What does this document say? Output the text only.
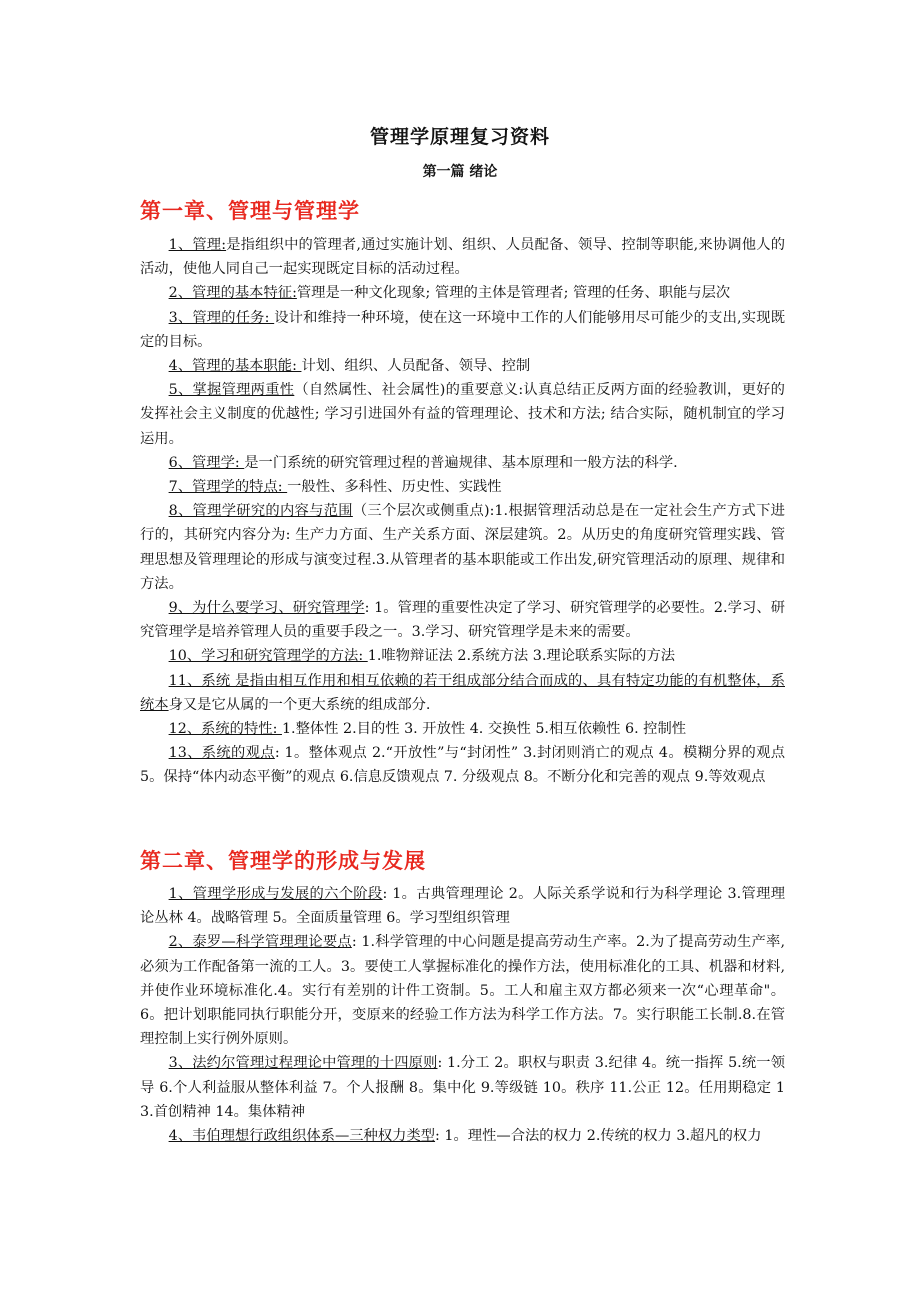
管理学原理复习资料
第一篇 绪论
第一章、管理与管理学

1、管理:是指组织中的管理者,通过实施计划、组织、人员配备、领导、控制等职能,来协调他人的活动，使他人同自己一起实现既定目标的活动过程。

2、管理的基本特征:管理是一种文化现象; 管理的主体是管理者; 管理的任务、职能与层次

3、管理的任务: 设计和维持一种环境，使在这一环境中工作的人们能够用尽可能少的支出,实现既定的目标。

4、管理的基本职能: 计划、组织、人员配备、领导、控制

5、掌握管理两重性（自然属性、社会属性)的重要意义:认真总结正反两方面的经验教训，更好的发挥社会主义制度的优越性; 学习引进国外有益的管理理论、技术和方法; 结合实际，随机制宜的学习运用。

6、管理学: 是一门系统的研究管理过程的普遍规律、基本原理和一般方法的科学.

7、管理学的特点: 一般性、多科性、历史性、实践性

8、管理学研究的内容与范围（三个层次或侧重点):1.根据管理活动总是在一定社会生产方式下进行的，其研究内容分为: 生产力方面、生产关系方面、深层建筑。2。从历史的角度研究管理实践、管理思想及管理理论的形成与演变过程.3.从管理者的基本职能或工作出发,研究管理活动的原理、规律和方法。

9、为什么要学习、研究管理学: 1。管理的重要性决定了学习、研究管理学的必要性。2.学习、研究管理学是培养管理人员的重要手段之一。3.学习、研究管理学是未来的需要。

10、学习和研究管理学的方法: 1.唯物辩证法 2.系统方法 3.理论联系实际的方法

11、系统 是指由相互作用和相互依赖的若干组成部分结合而成的、具有特定功能的有机整体，系统本身又是它从属的一个更大系统的组成部分.

12、系统的特性: 1.整体性 2.目的性 3. 开放性 4. 交换性 5.相互依赖性 6. 控制性

13、系统的观点: 1。整体观点 2.“开放性”与“封闭性” 3.封闭则消亡的观点 4。模糊分界的观点 5。保持“体内动态平衡”的观点 6.信息反馈观点 7. 分级观点 8。不断分化和完善的观点 9.等效观点

第二章、管理学的形成与发展

1、管理学形成与发展的六个阶段: 1。古典管理理论 2。人际关系学说和行为科学理论 3.管理理论丛林 4。战略管理 5。全面质量管理 6。学习型组织管理

2、泰罗—科学管理理论要点: 1.科学管理的中心问题是提高劳动生产率。2.为了提高劳动生产率,必须为工作配备第一流的工人。3。要使工人掌握标准化的操作方法，使用标准化的工具、机器和材料,并使作业环境标准化.4。实行有差别的计件工资制。5。工人和雇主双方都必须来一次“心理革命"。6。把计划职能同执行职能分开，变原来的经验工作方法为科学工作方法。7。实行职能工长制.8.在管理控制上实行例外原则。

3、法约尔管理过程理论中管理的十四原则: 1.分工 2。职权与职责 3.纪律 4。统一指挥 5.统一领导 6.个人利益服从整体利益 7。个人报酬 8。集中化 9.等级链 10。秩序 11.公正 12。任用期稳定 13.首创精神 14。集体精神

4、韦伯理想行政组织体系—三种权力类型: 1。理性—合法的权力 2.传统的权力 3.超凡的权力
